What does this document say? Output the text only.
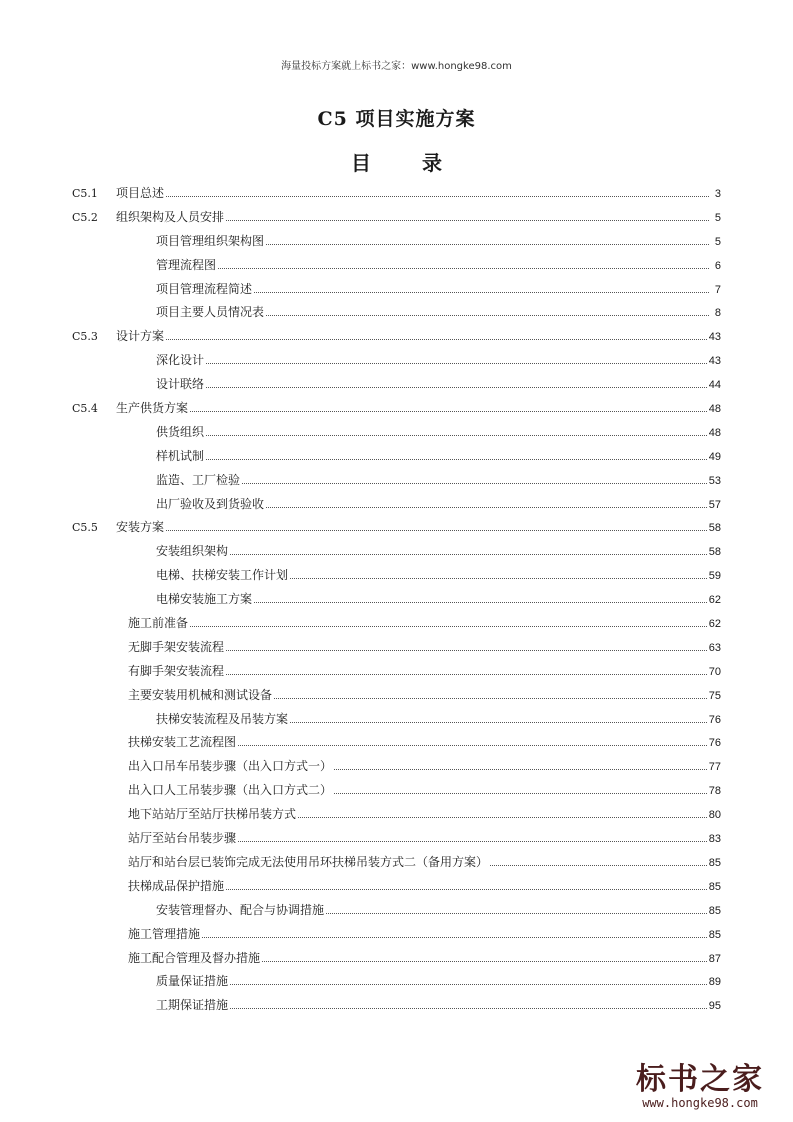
海量投标方案就上标书之家：www.hongke98.com
C5 项目实施方案
目 录
C5.1	项目总述	3
C5.2	组织架构及人员安排	5
项目管理组织架构图	5
管理流程图	6
项目管理流程简述	7
项目主要人员情况表	8
C5.3	设计方案	43
深化设计	43
设计联络	44
C5.4	生产供货方案	48
供货组织	48
样机试制	49
监造、工厂检验	53
出厂验收及到货验收	57
C5.5	安装方案	58
安装组织架构	58
电梯、扶梯安装工作计划	59
电梯安装施工方案	62
施工前准备	62
无脚手架安装流程	63
有脚手架安装流程	70
主要安装用机械和测试设备	75
扶梯安装流程及吊装方案	76
扶梯安装工艺流程图	76
出入口吊车吊装步骤（出入口方式一）	77
出入口人工吊装步骤（出入口方式二）	78
地下站站厅至站厅扶梯吊装方式	80
站厅至站台吊装步骤	83
站厅和站台层已装饰完成无法使用吊环扶梯吊装方式二（备用方案）	85
扶梯成品保护措施	85
安装管理督办、配合与协调措施	85
施工管理措施	85
施工配合管理及督办措施	87
质量保证措施	89
工期保证措施	95
标书之家
www.hongke98.com
